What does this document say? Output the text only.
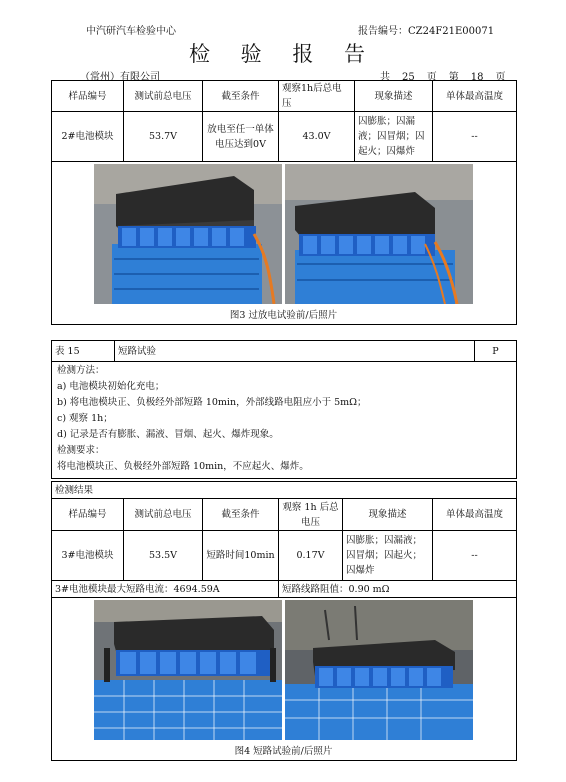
中汽研汽车检验中心	报告编号：CZ24F21E00071
检 验 报 告
（常州）有限公司	共 25 页 第 18 页
样品编号	测试前总电压	截至条件	观察1h后总电压	现象描述	单体最高温度
2#电池模块	53.7V	放电至任一单体电压达到0V	43.0V	囚膨胀；囚漏液；囚冒烟；囚起火；囚爆炸	--

图3 过放电试验前/后照片					
表 15	短路试验	P

检测方法：
a) 电池模块初始化充电；
b) 将电池模块正、负极经外部短路 10min，外部线路电阻应小于 5mΩ；
c) 观察 1h；
d) 记录是否有膨胀、漏液、冒烟、起火、爆炸现象。
检测要求：
将电池模块正、负极经外部短路 10min，不应起火、爆炸。
检测结果					
样品编号	测试前总电压	截至条件	观察 1h 后总电压	现象描述	单体最高温度
3#电池模块	53.5V	短路时间10min	0.17V	囚膨胀；囚漏液；囚冒烟；囚起火；囚爆炸	--
3#电池模块最大短路电流：4694.59A			短路线路阻值：0.90 mΩ		

图4 短路试验前/后照片					
